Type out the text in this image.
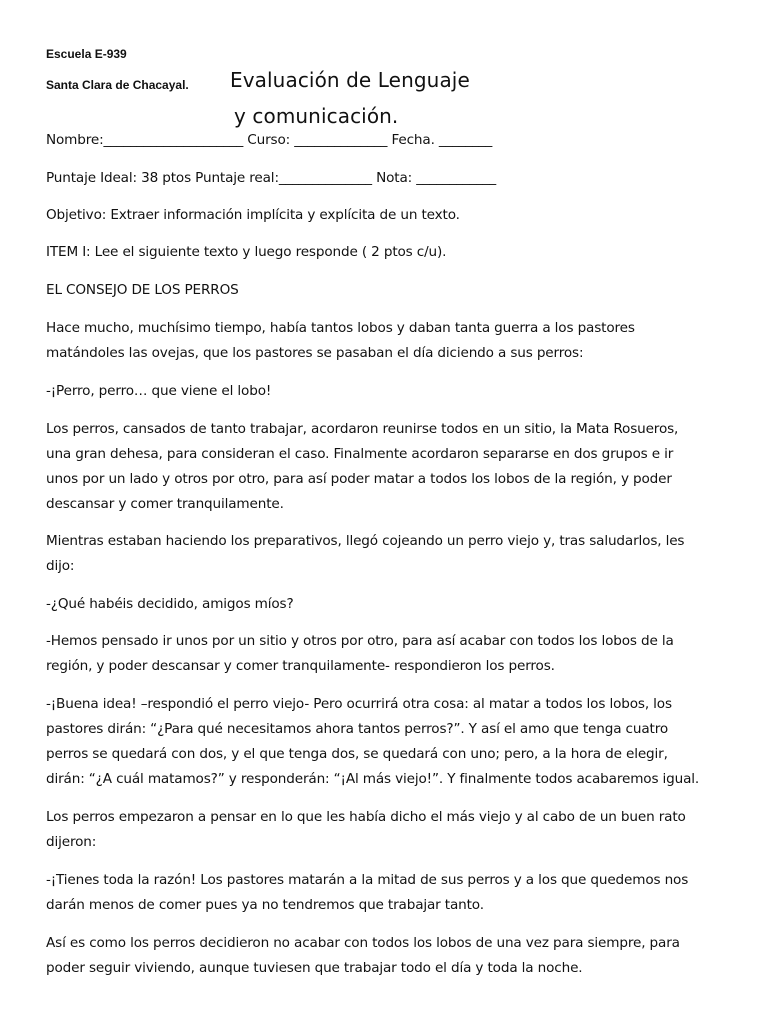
Escuela E-939
Santa Clara de Chacayal. Evaluación de Lenguaje
y comunicación.
Nombre:_____________________ Curso: ______________ Fecha. ________
Puntaje Ideal: 38 ptos Puntaje real:______________ Nota: ____________
Objetivo: Extraer información implícita y explícita de un texto.
ITEM I: Lee el siguiente texto y luego responde ( 2 ptos c/u).
EL CONSEJO DE LOS PERROS
Hace mucho, muchísimo tiempo, había tantos lobos y daban tanta guerra a los pastores
matándoles las ovejas, que los pastores se pasaban el día diciendo a sus perros:
-¡Perro, perro… que viene el lobo!
Los perros, cansados de tanto trabajar, acordaron reunirse todos en un sitio, la Mata Rosueros,
una gran dehesa, para consideran el caso. Finalmente acordaron separarse en dos grupos e ir
unos por un lado y otros por otro, para así poder matar a todos los lobos de la región, y poder
descansar y comer tranquilamente.
Mientras estaban haciendo los preparativos, llegó cojeando un perro viejo y, tras saludarlos, les
dijo:
-¿Qué habéis decidido, amigos míos?
-Hemos pensado ir unos por un sitio y otros por otro, para así acabar con todos los lobos de la
región, y poder descansar y comer tranquilamente- respondieron los perros.
-¡Buena idea! –respondió el perro viejo- Pero ocurrirá otra cosa: al matar a todos los lobos, los
pastores dirán: “¿Para qué necesitamos ahora tantos perros?”. Y así el amo que tenga cuatro
perros se quedará con dos, y el que tenga dos, se quedará con uno; pero, a la hora de elegir,
dirán: “¿A cuál matamos?” y responderán: “¡Al más viejo!”. Y finalmente todos acabaremos igual.
Los perros empezaron a pensar en lo que les había dicho el más viejo y al cabo de un buen rato
dijeron:
-¡Tienes toda la razón! Los pastores matarán a la mitad de sus perros y a los que quedemos nos
darán menos de comer pues ya no tendremos que trabajar tanto.
Así es como los perros decidieron no acabar con todos los lobos de una vez para siempre, para
poder seguir viviendo, aunque tuviesen que trabajar todo el día y toda la noche.
